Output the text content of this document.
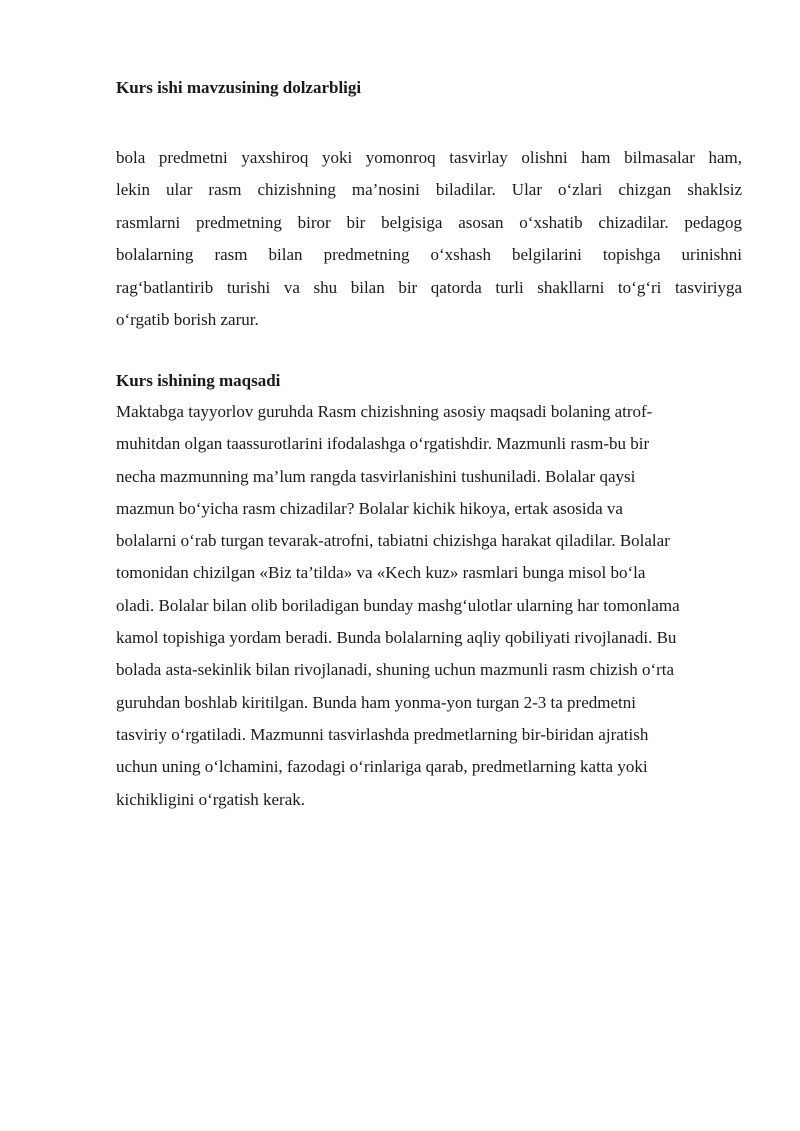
Kurs ishi mavzusining dolzarbligi
bola predmetni yaxshiroq yoki yomonroq tasvirlay olishni ham bilmasalar ham,
lekin ular rasm chizishning ma’nosini biladilar. Ular o‘zlari chizgan shaklsiz
rasmlarni predmetning biror bir belgisiga asosan o‘xshatib chizadilar. pedagog
bolalarning rasm bilan predmetning o‘xshash belgilarini topishga urinishni
rag‘batlantirib turishi va shu bilan bir qatorda turli shakllarni to‘g‘ri tasviriyga
o‘rgatib borish zarur.
Kurs ishining maqsadi
Maktabga tayyorlov guruhda Rasm chizishning asosiy maqsadi bolaning atrof-
muhitdan olgan taassurotlarini ifodalashga o‘rgatishdir. Mazmunli rasm-bu bir
necha mazmunning ma’lum rangda tasvirlanishini tushuniladi. Bolalar qaysi
mazmun bo‘yicha rasm chizadilar? Bolalar kichik hikoya, ertak asosida va
bolalarni o‘rab turgan tevarak-atrofni, tabiatni chizishga harakat qiladilar. Bolalar
tomonidan chizilgan «Biz ta’tilda» va «Kech kuz» rasmlari bunga misol bo‘la
oladi. Bolalar bilan olib boriladigan bunday mashg‘ulotlar ularning har tomonlama
kamol topishiga yordam beradi. Bunda bolalarning aqliy qobiliyati rivojlanadi. Bu
bolada asta-sekinlik bilan rivojlanadi, shuning uchun mazmunli rasm chizish o‘rta
guruhdan boshlab kiritilgan. Bunda ham yonma-yon turgan 2-3 ta predmetni
tasviriy o‘rgatiladi. Mazmunni tasvirlashda predmetlarning bir-biridan ajratish
uchun uning o‘lchamini, fazodagi o‘rinlariga qarab, predmetlarning katta yoki
kichikligini o‘rgatish kerak.
